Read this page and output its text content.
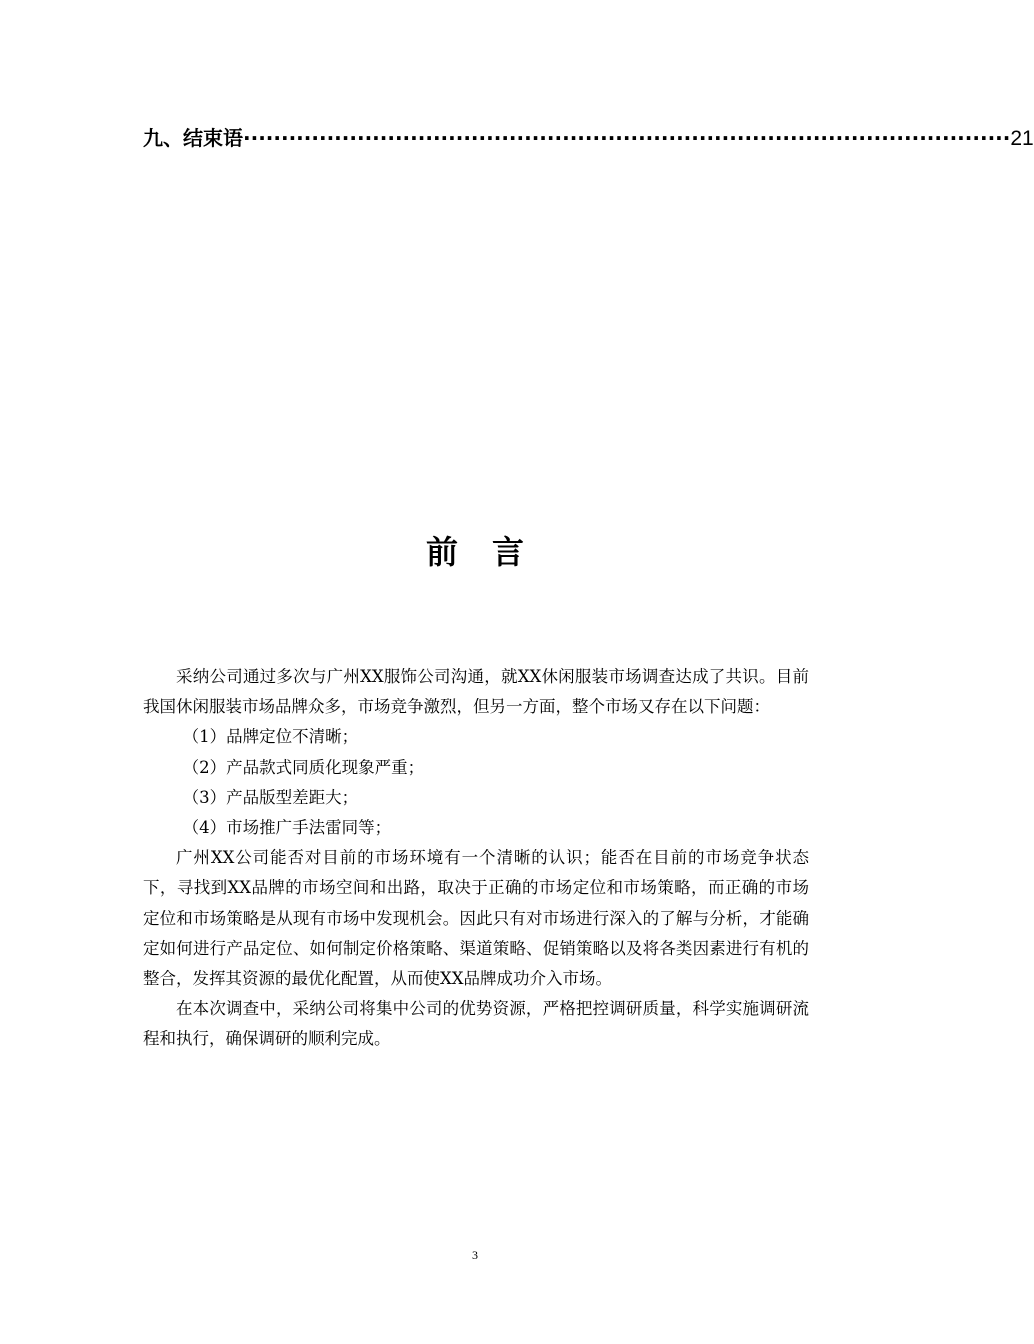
九、结束语 ····································································································· 21
前言

采纳公司通过多次与广州XX服饰公司沟通，就XX休闲服装市场调查达成了共识。目前我国休闲服装市场品牌众多，市场竞争激烈，但另一方面，整个市场又存在以下问题：

（1）品牌定位不清晰；

（2）产品款式同质化现象严重；

（3）产品版型差距大；

（4）市场推广手法雷同等；

广州XX公司能否对目前的市场环境有一个清晰的认识；能否在目前的市场竞争状态下，寻找到XX品牌的市场空间和出路，取决于正确的市场定位和市场策略，而正确的市场定位和市场策略是从现有市场中发现机会。因此只有对市场进行深入的了解与分析，才能确定如何进行产品定位、如何制定价格策略、渠道策略、促销策略以及将各类因素进行有机的整合，发挥其资源的最优化配置，从而使XX品牌成功介入市场。

在本次调查中，采纳公司将集中公司的优势资源，严格把控调研质量，科学实施调研流程和执行，确保调研的顺利完成。

3
